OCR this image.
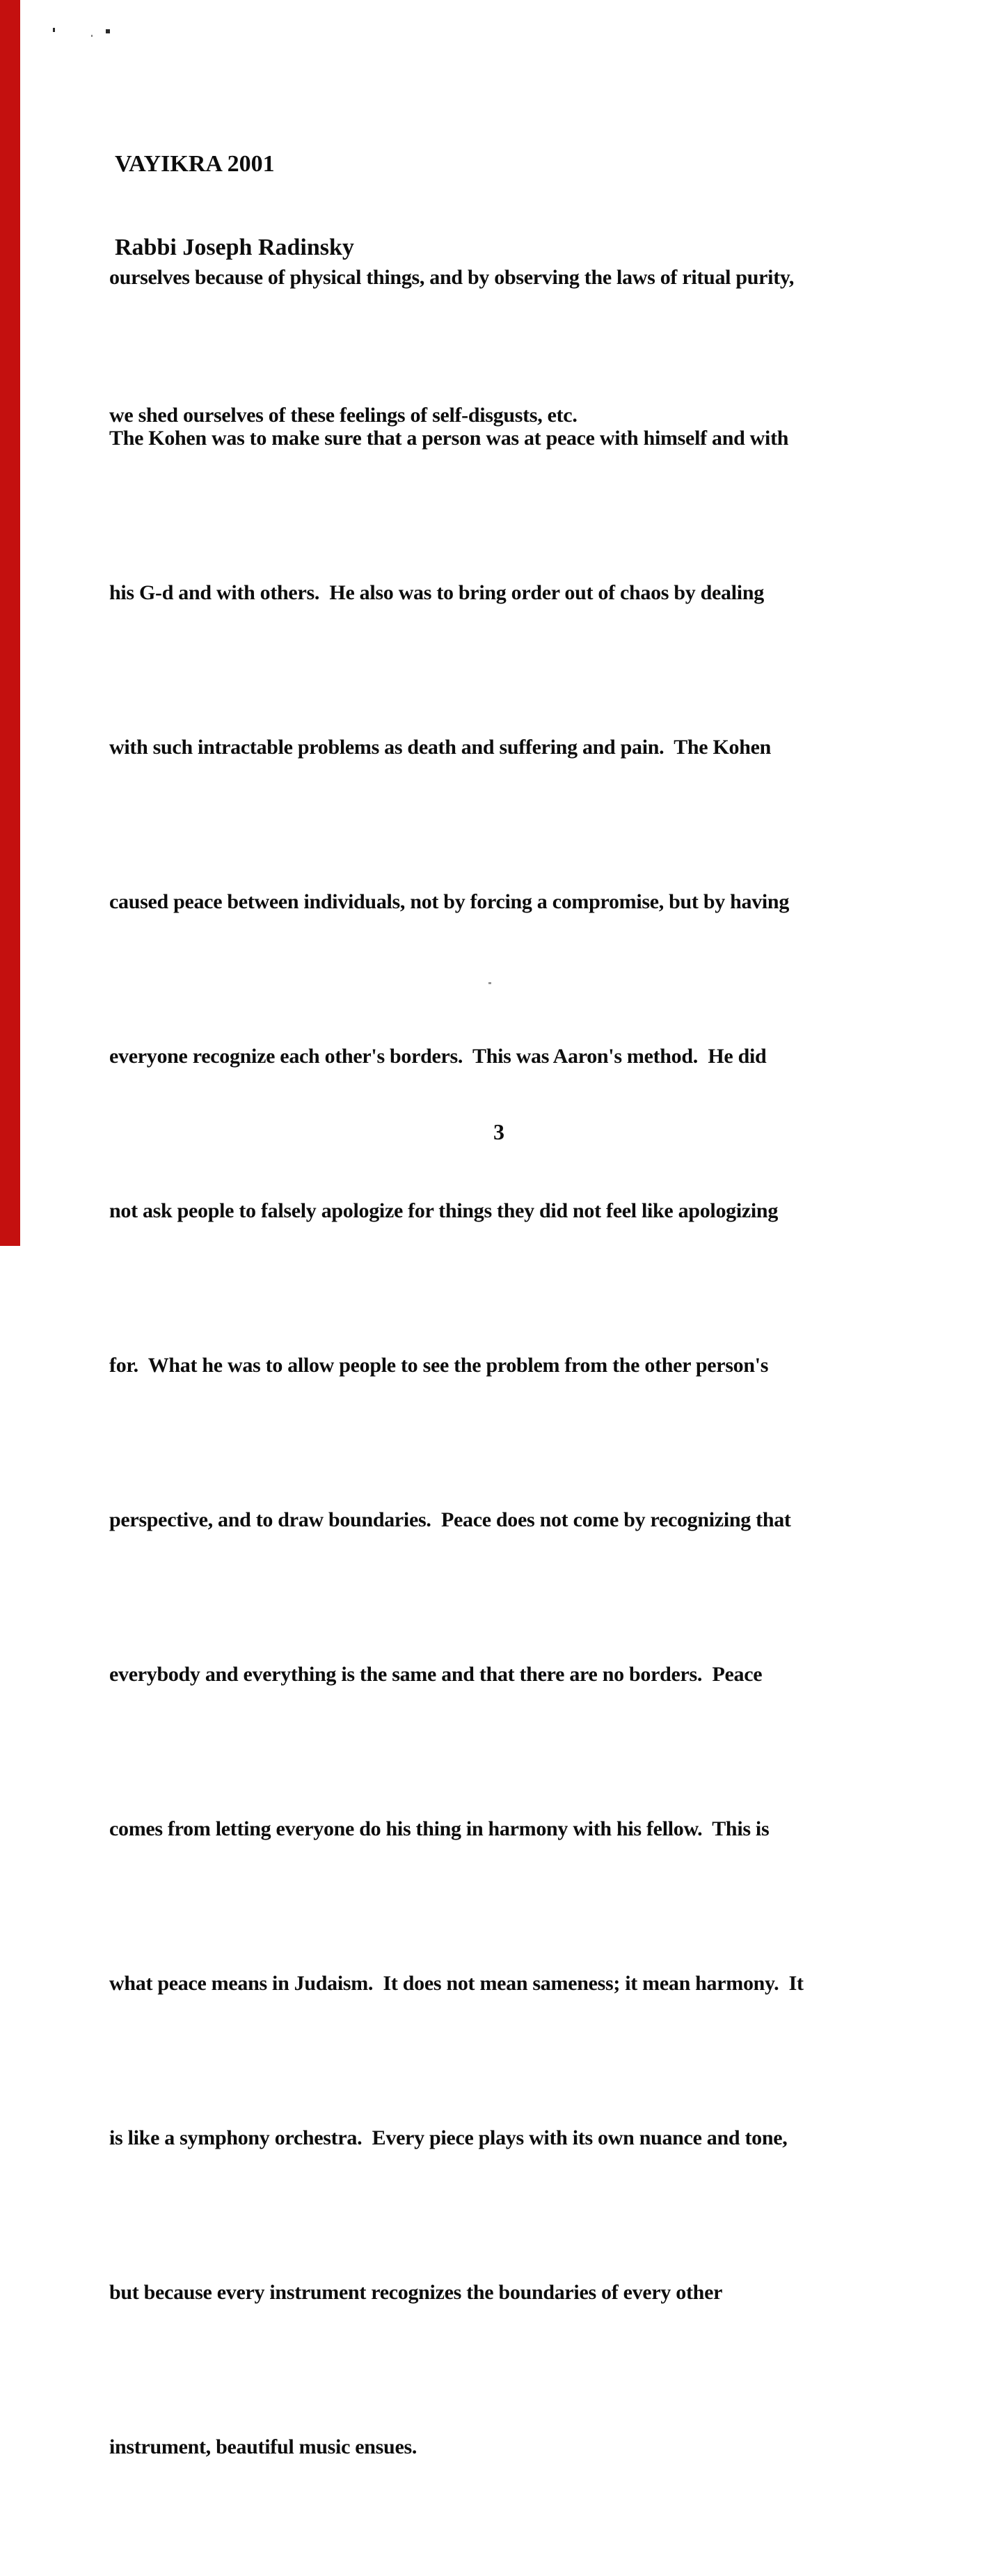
VAYIKRA 2001

Rabbi Joseph Radinsky

ourselves because of physical things, and by observing the laws of ritual purity,

we shed ourselves of these feelings of self-disgusts, etc.

The Kohen was to make sure that a person was at peace with himself and with

his G-d and with others.  He also was to bring order out of chaos by dealing

with such intractable problems as death and suffering and pain.  The Kohen

caused peace between individuals, not by forcing a compromise, but by having

everyone recognize each other's borders.  This was Aaron's method.  He did

not ask people to falsely apologize for things they did not feel like apologizing

for.  What he was to allow people to see the problem from the other person's

perspective, and to draw boundaries.  Peace does not come by recognizing that

everybody and everything is the same and that there are no borders.  Peace

comes from letting everyone do his thing in harmony with his fellow.  This is

what peace means in Judaism.  It does not mean sameness; it mean harmony.  It

is like a symphony orchestra.  Every piece plays with its own nuance and tone,

but because every instrument recognizes the boundaries of every other

instrument, beautiful music ensues.

3
